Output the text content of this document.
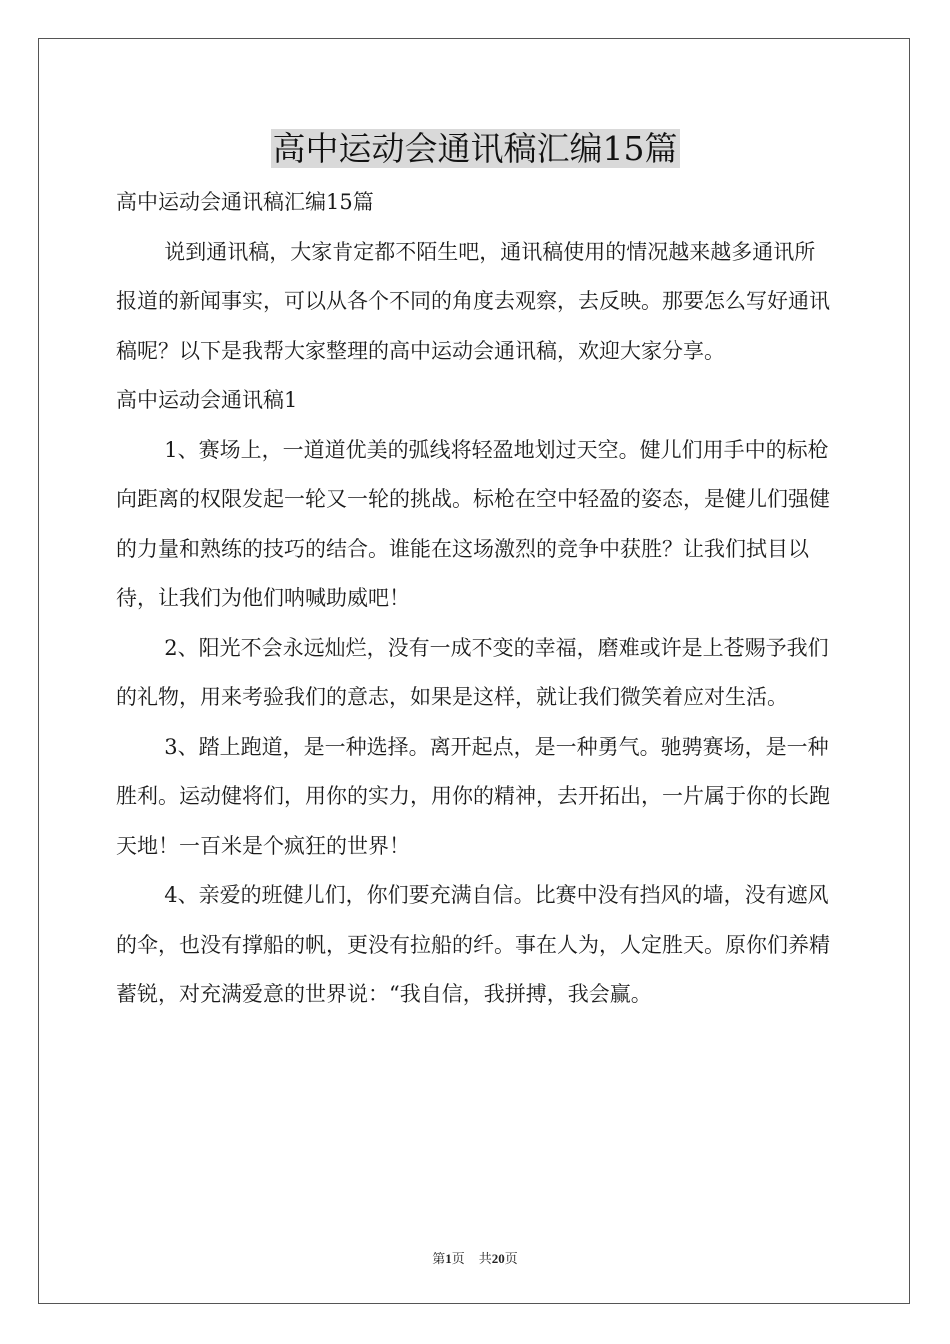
高中运动会通讯稿汇编15篇

高中运动会通讯稿汇编15篇

说到通讯稿，大家肯定都不陌生吧，通讯稿使用的情况越来越多通讯所报道的新闻事实，可以从各个不同的角度去观察，去反映。那要怎么写好通讯稿呢？以下是我帮大家整理的高中运动会通讯稿，欢迎大家分享。

高中运动会通讯稿1

1、赛场上，一道道优美的弧线将轻盈地划过天空。健儿们用手中的标枪向距离的权限发起一轮又一轮的挑战。标枪在空中轻盈的姿态，是健儿们强健的力量和熟练的技巧的结合。谁能在这场激烈的竞争中获胜？让我们拭目以待，让我们为他们呐喊助威吧！

2、阳光不会永远灿烂，没有一成不变的幸福，磨难或许是上苍赐予我们的礼物，用来考验我们的意志，如果是这样，就让我们微笑着应对生活。

3、踏上跑道，是一种选择。离开起点，是一种勇气。驰骋赛场，是一种胜利。运动健将们，用你的实力，用你的精神，去开拓出，一片属于你的长跑天地！一百米是个疯狂的世界！

4、亲爱的班健儿们，你们要充满自信。比赛中没有挡风的墙，没有遮风的伞，也没有撑船的帆，更没有拉船的纤。事在人为，人定胜天。原你们养精蓄锐，对充满爱意的世界说：“我自信，我拼搏，我会赢。

第1页 共20页
